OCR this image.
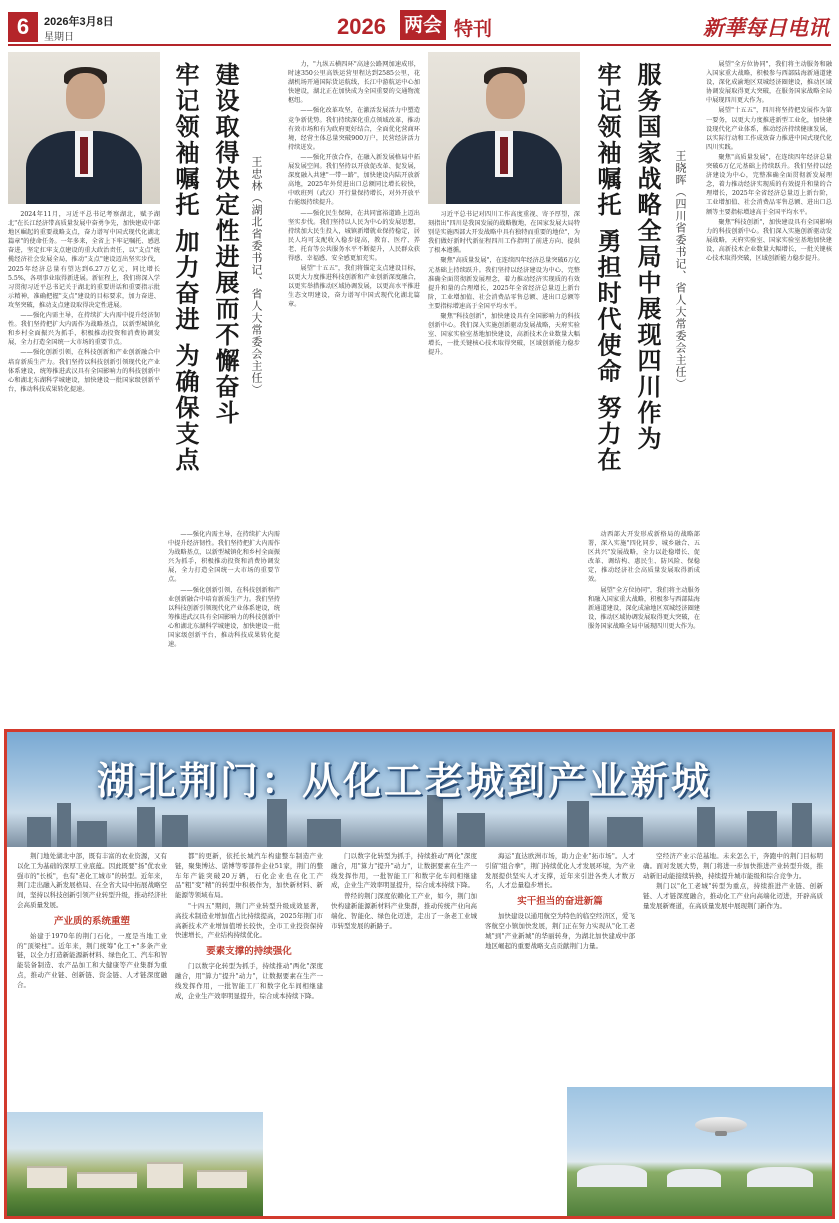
6	2026年3月8日
星期日	2026 两会 特刊	新華每日电讯
建设取得决定性进展而不懈奋斗
牢记领袖嘱托 加力奋进 为确保支点	王忠林（湖北省委书记、省人大常委会主任）

2024年11月，习近平总书记考察湖北，赋予湖北"在长江经济带高质量发展中奋勇争先，加快建成中部地区崛起的重要战略支点，奋力谱写中国式现代化湖北篇章"的使命任务。一年多来，全省上下牢记嘱托、感恩奋进，坚定扛牢支点建设的重大政治责任，以"支点"统揽经济社会发展全局，推动"支点"建设迈出坚实步伐，2025年经济总量有望达到6.27万亿元，同比增长5.5%，各项事业取得新进展。新征程上，我们将深入学习贯彻习近平总书记关于湖北的重要讲话和重要指示批示精神，准确把握"支点"建设的目标要求，加力奋进、攻坚突破，推动支点建设取得决定性进展。

——强化内需主导，在持续扩大内需中提升经济韧性。我们坚持把扩大内需作为战略基点，以新型城镇化和乡村全面振兴为抓手，积极推动投资和消费协调发展，全力打造全国统一大市场的重要节点。

——强化创新引领，在科技创新和产业创新融合中培育新质生产力。我们坚持以科技创新引领现代化产业体系建设，统筹推进武汉具有全国影响力的科技创新中心和湖北东湖科学城建设，加快建设一批国家级创新平台，推动科技成果转化提速。

——强化内需主导，在持续扩大内需中提升经济韧性。我们坚持把扩大内需作为战略基点，以新型城镇化和乡村全面振兴为抓手，积极推动投资和消费协调发展，全力打造全国统一大市场的重要节点。

——强化创新引领，在科技创新和产业创新融合中培育新质生产力。我们坚持以科技创新引领现代化产业体系建设，统筹推进武汉具有全国影响力的科技创新中心和湖北东湖科学城建设，加快建设一批国家级创新平台，推动科技成果转化提速。

力，"九纵五横四环"高速公路网加速成形，时速350公里高铁运营里程达到2585公里，花湖机场开通国际货运航线，长江中游航运中心加快建设，湖北正在加快成为全国重要的交通物流枢纽。

——强化改革攻坚，在激活发展活力中塑造竞争新优势。我们持续深化重点领域改革，推动有效市场和有为政府更好结合，全面优化营商环境，经营主体总量突破900万户，民营经济活力持续迸发。

——强化开放合作，在融入新发展格局中拓展发展空间。我们坚持以开放促改革、促发展，深度融入共建"一带一路"，加快建设内陆开放新高地，2025年外贸进出口总额同比增长较快，中欧班列（武汉）开行量保持增长，对外开放平台能级持续提升。

——强化民生保障，在共同富裕道路上迈出坚实步伐。我们坚持以人民为中心的发展思想，持续加大民生投入，城镇新增就业保持稳定，居民人均可支配收入稳步提高，教育、医疗、养老、托育等公共服务水平不断提升，人民群众获得感、幸福感、安全感更加充实。

展望"十五五"，我们将锚定支点建设目标，以更大力度推进科技创新和产业创新深度融合，以更实举措推动区域协调发展，以更高水平推进生态文明建设，奋力谱写中国式现代化湖北篇章。	服务国家战略全局中展现四川作为
牢记领袖嘱托 勇担时代使命 努力在	王晓晖（四川省委书记、省人大常委会主任）

习近平总书记对四川工作高度重视、寄予厚望，深刻指出"四川是我国发展的战略腹地，在国家发展大局特别是实施西部大开发战略中具有独特而重要的地位"，为我们做好新时代新征程四川工作指明了前进方向、提供了根本遵循。

聚焦"高质量发展"，在连续四年经济总量突破6万亿元基础上持续跃升。我们坚持以经济建设为中心，完整准确全面贯彻新发展理念，着力推动经济实现质的有效提升和量的合理增长，2025年全省经济总量迈上新台阶，工业增加值、社会消费品零售总额、进出口总额等主要指标增速高于全国平均水平。

聚焦"科技创新"，加快建设具有全国影响力的科技创新中心。我们深入实施创新驱动发展战略，天府实验室、国家实验室基地加快建设，高新技术企业数量大幅增长，一批关键核心技术取得突破，区域创新能力稳步提升。

动西部大开发形成新格局的战略部署，深入实施"四化同步、城乡融合、五区共兴"发展战略，全力以赴稳增长、促改革、调结构、惠民生、防风险、保稳定，推动经济社会高质量发展取得新成效。

展望"全方位协同"，我们将主动服务和融入国家重大战略，积极参与西部陆海新通道建设，深化成渝地区双城经济圈建设，推动区域协调发展取得更大突破，在服务国家战略全局中展现四川更大作为。

展望"全方位协同"，我们将主动服务和融入国家重大战略，积极参与西部陆海新通道建设，深化成渝地区双城经济圈建设，推动区域协调发展取得更大突破，在服务国家战略全局中展现四川更大作为。

展望"十五五"，四川将坚持把发展作为第一要务，以更大力度推进新型工业化，加快建设现代化产业体系，推动经济持续健康发展，以实际行动和工作成效奋力推进中国式现代化四川实践。

聚焦"高质量发展"，在连续四年经济总量突破6万亿元基础上持续跃升。我们坚持以经济建设为中心，完整准确全面贯彻新发展理念，着力推动经济实现质的有效提升和量的合理增长，2025年全省经济总量迈上新台阶，工业增加值、社会消费品零售总额、进出口总额等主要指标增速高于全国平均水平。

聚焦"科技创新"，加快建设具有全国影响力的科技创新中心。我们深入实施创新驱动发展战略，天府实验室、国家实验室基地加快建设，高新技术企业数量大幅增长，一批关键核心技术取得突破，区域创新能力稳步提升。

湖北荆门：从化工老城到产业新城

荆门地处湖北中部，既有丰富的农业资源，又有以化工为基础的深厚工业底蕴。因此既要"扬"优农业强市的"长板"，也有"老化工城市"的转型。近年来，荆门走出融入新发展格局、在全省大局中拓展战略空间，坚持以科技创新引领产业转型升级，推动经济社会高质量发展。

产业质的系统重塑

始建于1970年的荆门石化，一度是当地工业的"顶梁柱"。近年来，荆门统筹"化工+"多条产业链，以全力打造新能源新材料、绿色化工、汽车和智能装备制造、农产品加工和大健康等产业集群为重点，推动产业链、创新链、资金链、人才链深度融合。

都"的更新，依托长城汽车构建整车制造产业链，聚集博达、诺博等零部件企业51家，荆门的整车年产能突破20万辆，石化企业也在化工产品"粗"变"精"的转型中积极作为，加快新材料、新能源等领域布局。

"十四五"期间，荆门产业转型升级成效显著，高技术制造业增加值占比持续提高，2025年荆门市高新技术产业增加值增长较快，全市工业投资保持快速增长，产业结构持续优化。

要素支撑的持续强化

门以数字化转型为抓手，持续推动"两化"深度融合，用"算力"提升"动力"，让数据要素在生产一线发挥作用，一批智能工厂和数字化车间相继建成，企业生产效率明显提升，综合成本持续下降。

门以数字化转型为抓手，持续推动"两化"深度融合，用"算力"提升"动力"，让数据要素在生产一线发挥作用，一批智能工厂和数字化车间相继建成，企业生产效率明显提升，综合成本持续下降。

曾经的荆门深度依赖化工产业，如今，荆门加快构建新能源新材料产业集群，推动传统产业向高端化、智能化、绿色化迈进，走出了一条老工业城市转型发展的新路子。

海运"直达欧洲市场，助力企业"拓市场"。人才引留"组合拳"，荆门持续优化人才发展环境，为产业发展提供坚实人才支撑，近年来引进各类人才数万名，人才总量稳步增长。

实干担当的奋进新篇

加快建设以通用航空为特色的临空经济区，爱飞客航空小镇加快发展，荆门正在努力实现从"化工老城"到"产业新城"的华丽转身，为湖北加快建成中部地区崛起的重要战略支点贡献荆门力量。

空经济产业示范基地。未来怎么干，奔跑中的荆门目标明确。面对发展大势，荆门将进一步加快推进产业转型升级，推动新旧动能接续转换，持续提升城市能级和综合竞争力。

荆门以"化工老城"转型为重点，持续推进产业链、创新链、人才链深度融合，推动化工产业向高端化迈进，开辟高质量发展新赛道，在高质量发展中展现荆门新作为。
